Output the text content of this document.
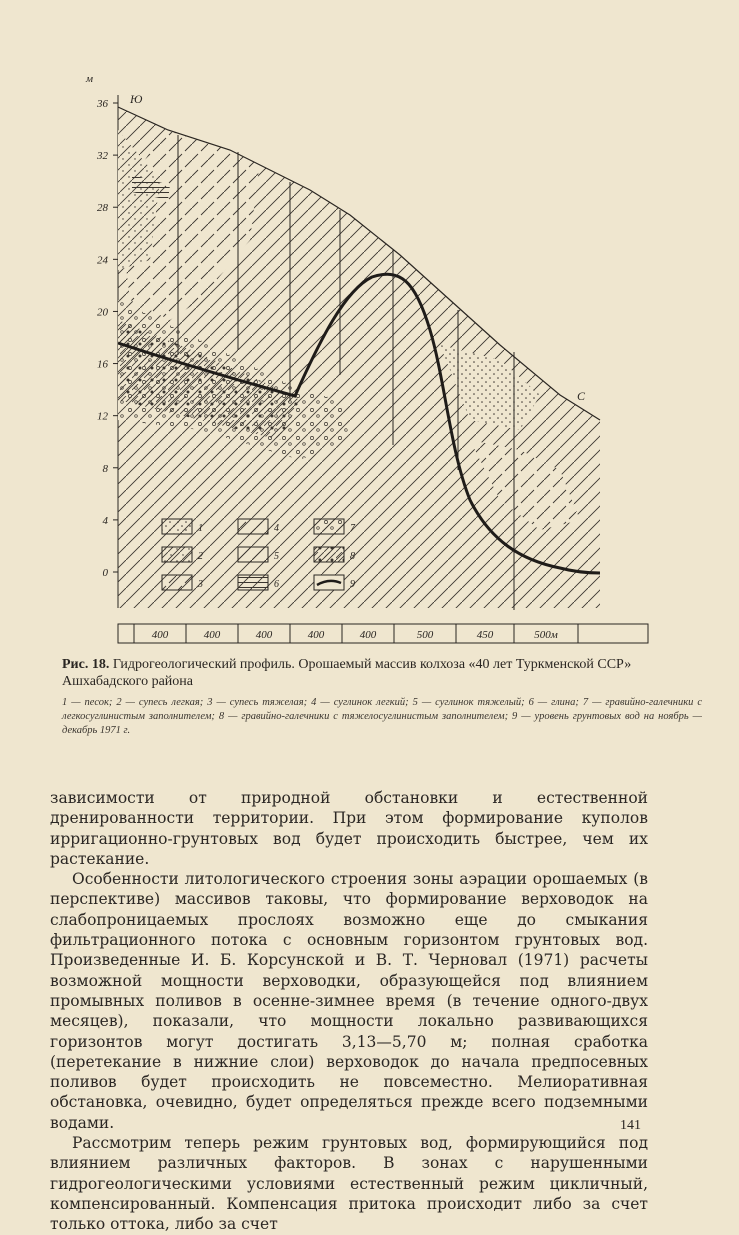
36
32
28
24
20
16
12
8
4
0
м
Ю
С
1
2
3
4
5
6
7
8
9
400	400	400	400	400	500	450	500м
Рис. 18. Гидрогеологический профиль. Орошаемый массив колхоза «40 лет Туркменской ССР» Ашхабадского района
1 — песок; 2 — супесь легкая; 3 — супесь тяжелая; 4 — суглинок легкий; 5 — суглинок тяжелый; 6 — глина; 7 — гравийно-галечники с легкосуглинистым заполнителем; 8 — гравийно-галечники с тяжелосуглинистым заполнителем; 9 — уровень грунтовых вод на ноябрь — декабрь 1971 г.

зависимости от природной обстановки и естественной дренированности территории. При этом формирование куполов ирригационно-грунтовых вод будет происходить быстрее, чем их растекание.

Особенности литологического строения зоны аэрации орошаемых (в перспективе) массивов таковы, что формирование верховодок на слабопроницаемых прослоях возможно еще до смыкания фильтрационного потока с основным горизонтом грунтовых вод. Произведенные И. Б. Корсунской и В. Т. Черновал (1971) расчеты возможной мощности верховодки, образующейся под влиянием промывных поливов в осенне-зимнее время (в течение одного-двух месяцев), показали, что мощности локально развивающихся горизонтов могут достигать 3,13—5,70 м; полная сработка (перетекание в нижние слои) верховодок до начала предпосевных поливов будет происходить не повсеместно. Мелиоративная обстановка, очевидно, будет определяться прежде всего подземными водами.

Рассмотрим теперь режим грунтовых вод, формирующийся под влиянием различных факторов. В зонах с нарушенными гидрогеологическими условиями естественный режим цикличный, компенсированный. Компенсация притока происходит либо за счет только оттока, либо за счет

141
